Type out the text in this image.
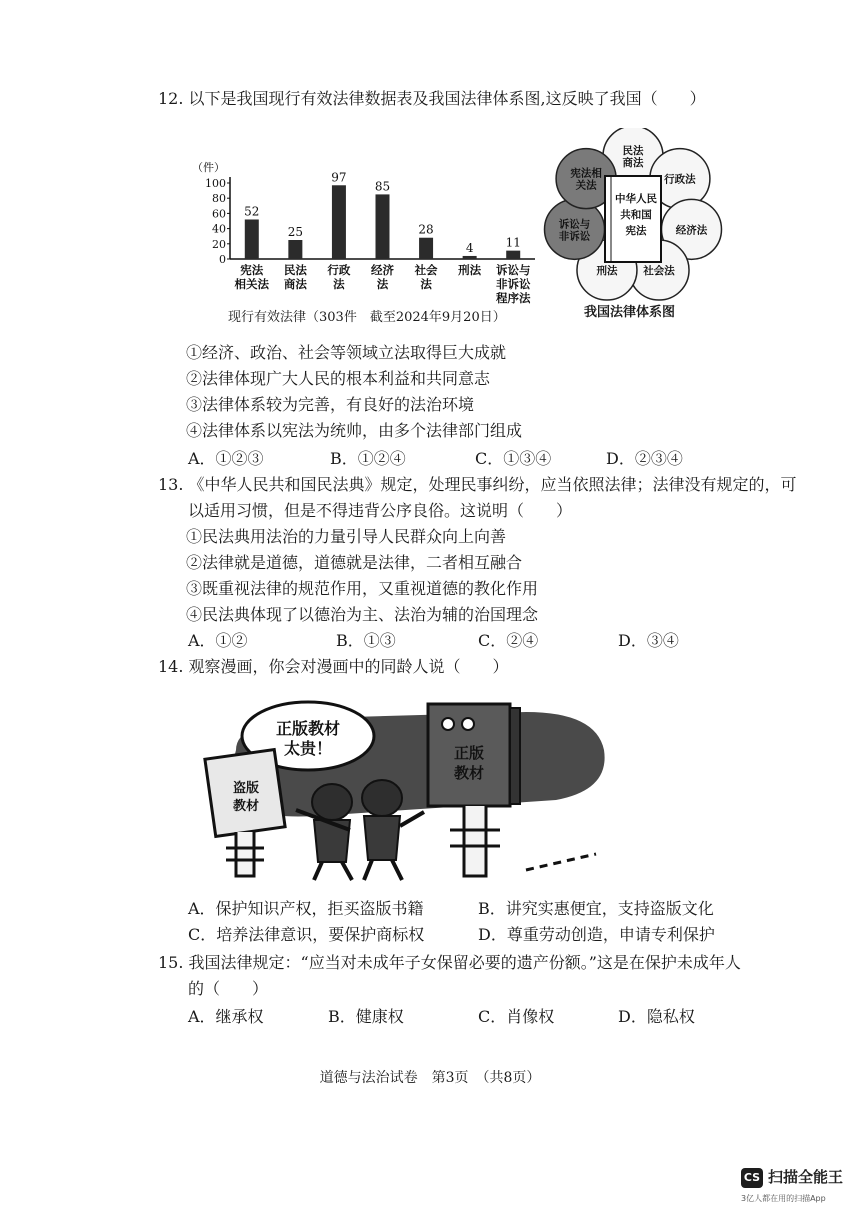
12. 以下是我国现行有效法律数据表及我国法律体系图,这反映了我国（　　）
（件）
0
20
40
60
80
100
52
宪法
相关法
25
民法
商法
97
行政
法
85
经济
法
28
社会
法
4
刑法
11
诉讼与
非诉讼
程序法
现行有效法律（303件　截至2024年9月20日）
民法
商法
行政法
经济法
社会法
刑法
诉讼与
非诉讼
宪法相
关法
中华人民
共和国
宪法
我国法律体系图
①经济、政治、社会等领域立法取得巨大成就
②法律体现广大人民的根本利益和共同意志
③法律体系较为完善，有良好的法治环境
④法律体系以宪法为统帅，由多个法律部门组成
A．①②③	B．①②④	C．①③④	D．②③④
13. 《中华人民共和国民法典》规定，处理民事纠纷，应当依照法律；法律没有规定的，可
以适用习惯，但是不得违背公序良俗。这说明（　　）
①民法典用法治的力量引导人民群众向上向善
②法律就是道德，道德就是法律，二者相互融合
③既重视法律的规范作用，又重视道德的教化作用
④民法典体现了以德治为主、法治为辅的治国理念
A．①②	B．①③	C．②④	D．③④
14. 观察漫画，你会对漫画中的同龄人说（　　）
正版教材
太贵！	正版
教材
盗版
教材
A．保护知识产权，拒买盗版书籍	B．讲究实惠便宜，支持盗版文化
C．培养法律意识，要保护商标权	D．尊重劳动创造，申请专利保护
15. 我国法律规定：“应当对未成年子女保留必要的遗产份额。”这是在保护未成年人
的（　　）
A．继承权	B．健康权	C．肖像权	D．隐私权
道德与法治试卷　第3页　（共8页）
CS 扫描全能王
3亿人都在用的扫描App
